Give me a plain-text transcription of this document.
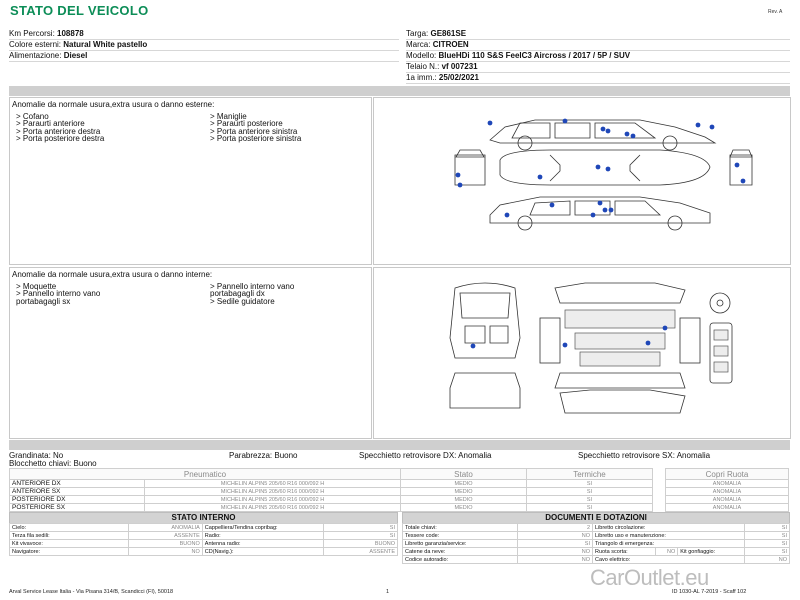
STATO DEL VEICOLO	Rev. A
Km Percorsi: 108878
Colore esterni: Natural White pastello
Alimentazione: Diesel
Targa: GE861SE
Marca: CITROEN
Modello: BlueHDi 110 S&S FeelC3 Aircross / 2017 / 5P / SUV
Telaio N.: vf 007231
1a imm.: 25/02/2021
Anomalie da normale usura,extra usura o danno esterne:
> Cofano
> Paraurti anteriore
> Porta anteriore destra
> Porta posteriore destra
> Maniglie
> Paraurti posteriore
> Porta anteriore sinistra
> Porta posteriore sinistra
Anomalie da normale usura,extra usura o danno interne:
> Moquette
> Pannello interno vano
portabagagli sx
> Pannello interno vano
portabagagli dx
> Sedile guidatore
Grandinata: No	Parabrezza: Buono	Specchietto retrovisore DX: Anomalia	Specchietto retrovisore SX: Anomalia
Blocchetto chiavi: Buono
Pneumatico		Stato	Termiche		Copri Ruota
ANTERIORE DX	MICHELIN ALPIN5 205/60 R16 000/092 H	MEDIO	SI		ANOMALIA
ANTERIORE SX	MICHELIN ALPIN5 205/60 R16 000/092 H	MEDIO	SI		ANOMALIA
POSTERIORE DX	MICHELIN ALPIN5 205/60 R16 000/092 H	MEDIO	SI		ANOMALIA
POSTERIORE SX	MICHELIN ALPIN5 205/60 R16 000/092 H	MEDIO	SI		ANOMALIA
STATO INTERNO
Cielo:	ANOMALIA	Cappelliera/Tendina copribag:	SI
Terza fila sedili:	ASSENTE	Radio:	SI
Kit vivavoce:	BUONO	Antenna radio:	BUONO
Navigatore:	NO	CD(Navig.):	ASSENTE
DOCUMENTI E DOTAZIONI
Totale chiavi:	2	Libretto circolazione:			SI
Tessere code:	NO	Libretto uso e manutenzione:			SI
Libretto garanzia/service:	SI	Triangolo di emergenza:			SI
Catene da neve:	NO	Ruota scorta:	NO	Kit gonfiaggio:	SI
Codice autoradio:	NO	Cavo elettrico:			NO
Arval Service Lease Italia - Via Pisana 314/B, Scandicci (FI), 50018	1	ID 1030-AL 7-2019 - Scaff 102
CarOutlet.eu
